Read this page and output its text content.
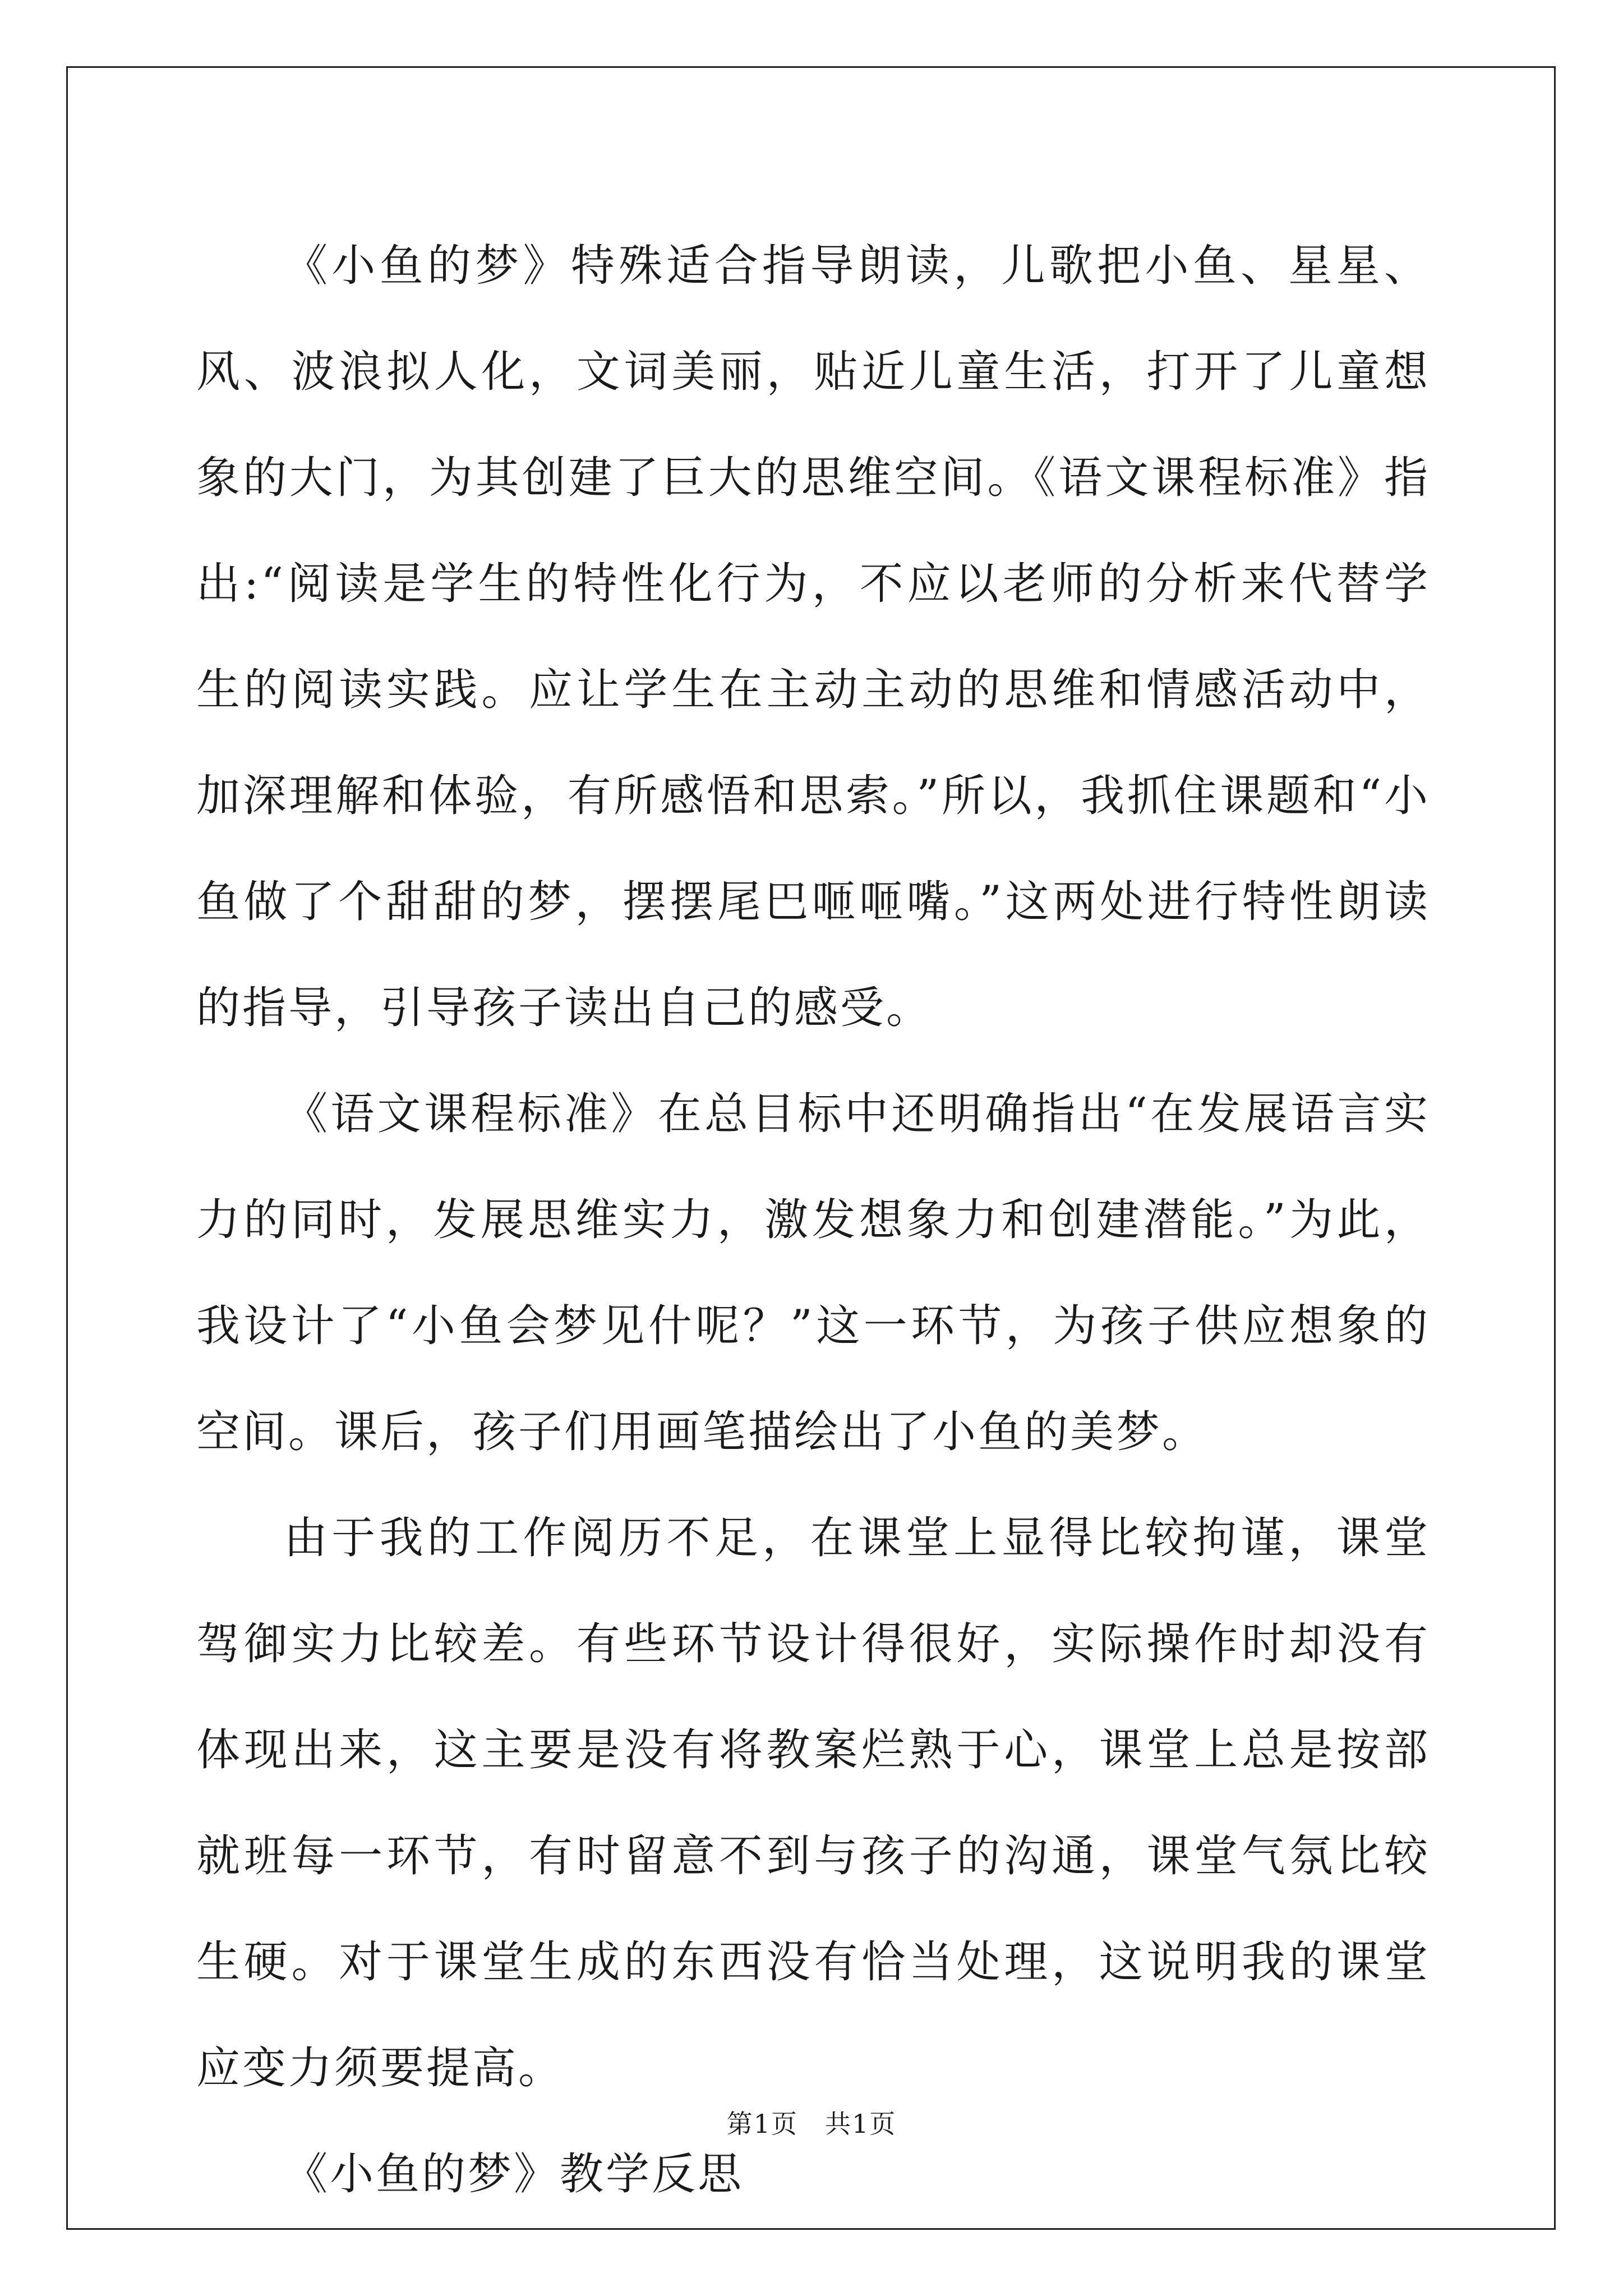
《小鱼的梦》特殊适合指导朗读，儿歌把小鱼、星星、风、波浪拟人化，文词美丽，贴近儿童生活，打开了儿童想象的大门，为其创建了巨大的思维空间。《语文课程标准》指出:“阅读是学生的特性化行为，不应以老师的分析来代替学生的阅读实践。应让学生在主动主动的思维和情感活动中，加深理解和体验，有所感悟和思索。”所以，我抓住课题和“小鱼做了个甜甜的梦，摆摆尾巴咂咂嘴。”这两处进行特性朗读的指导，引导孩子读出自己的感受。

《语文课程标准》在总目标中还明确指出“在发展语言实力的同时，发展思维实力，激发想象力和创建潜能。”为此，我设计了“小鱼会梦见什呢？”这一环节，为孩子供应想象的空间。课后，孩子们用画笔描绘出了小鱼的美梦。

由于我的工作阅历不足，在课堂上显得比较拘谨，课堂驾御实力比较差。有些环节设计得很好，实际操作时却没有体现出来，这主要是没有将教案烂熟于心，课堂上总是按部就班每一环节，有时留意不到与孩子的沟通，课堂气氛比较生硬。对于课堂生成的东西没有恰当处理，这说明我的课堂应变力须要提高。

《小鱼的梦》教学反思

第1页　共1页
